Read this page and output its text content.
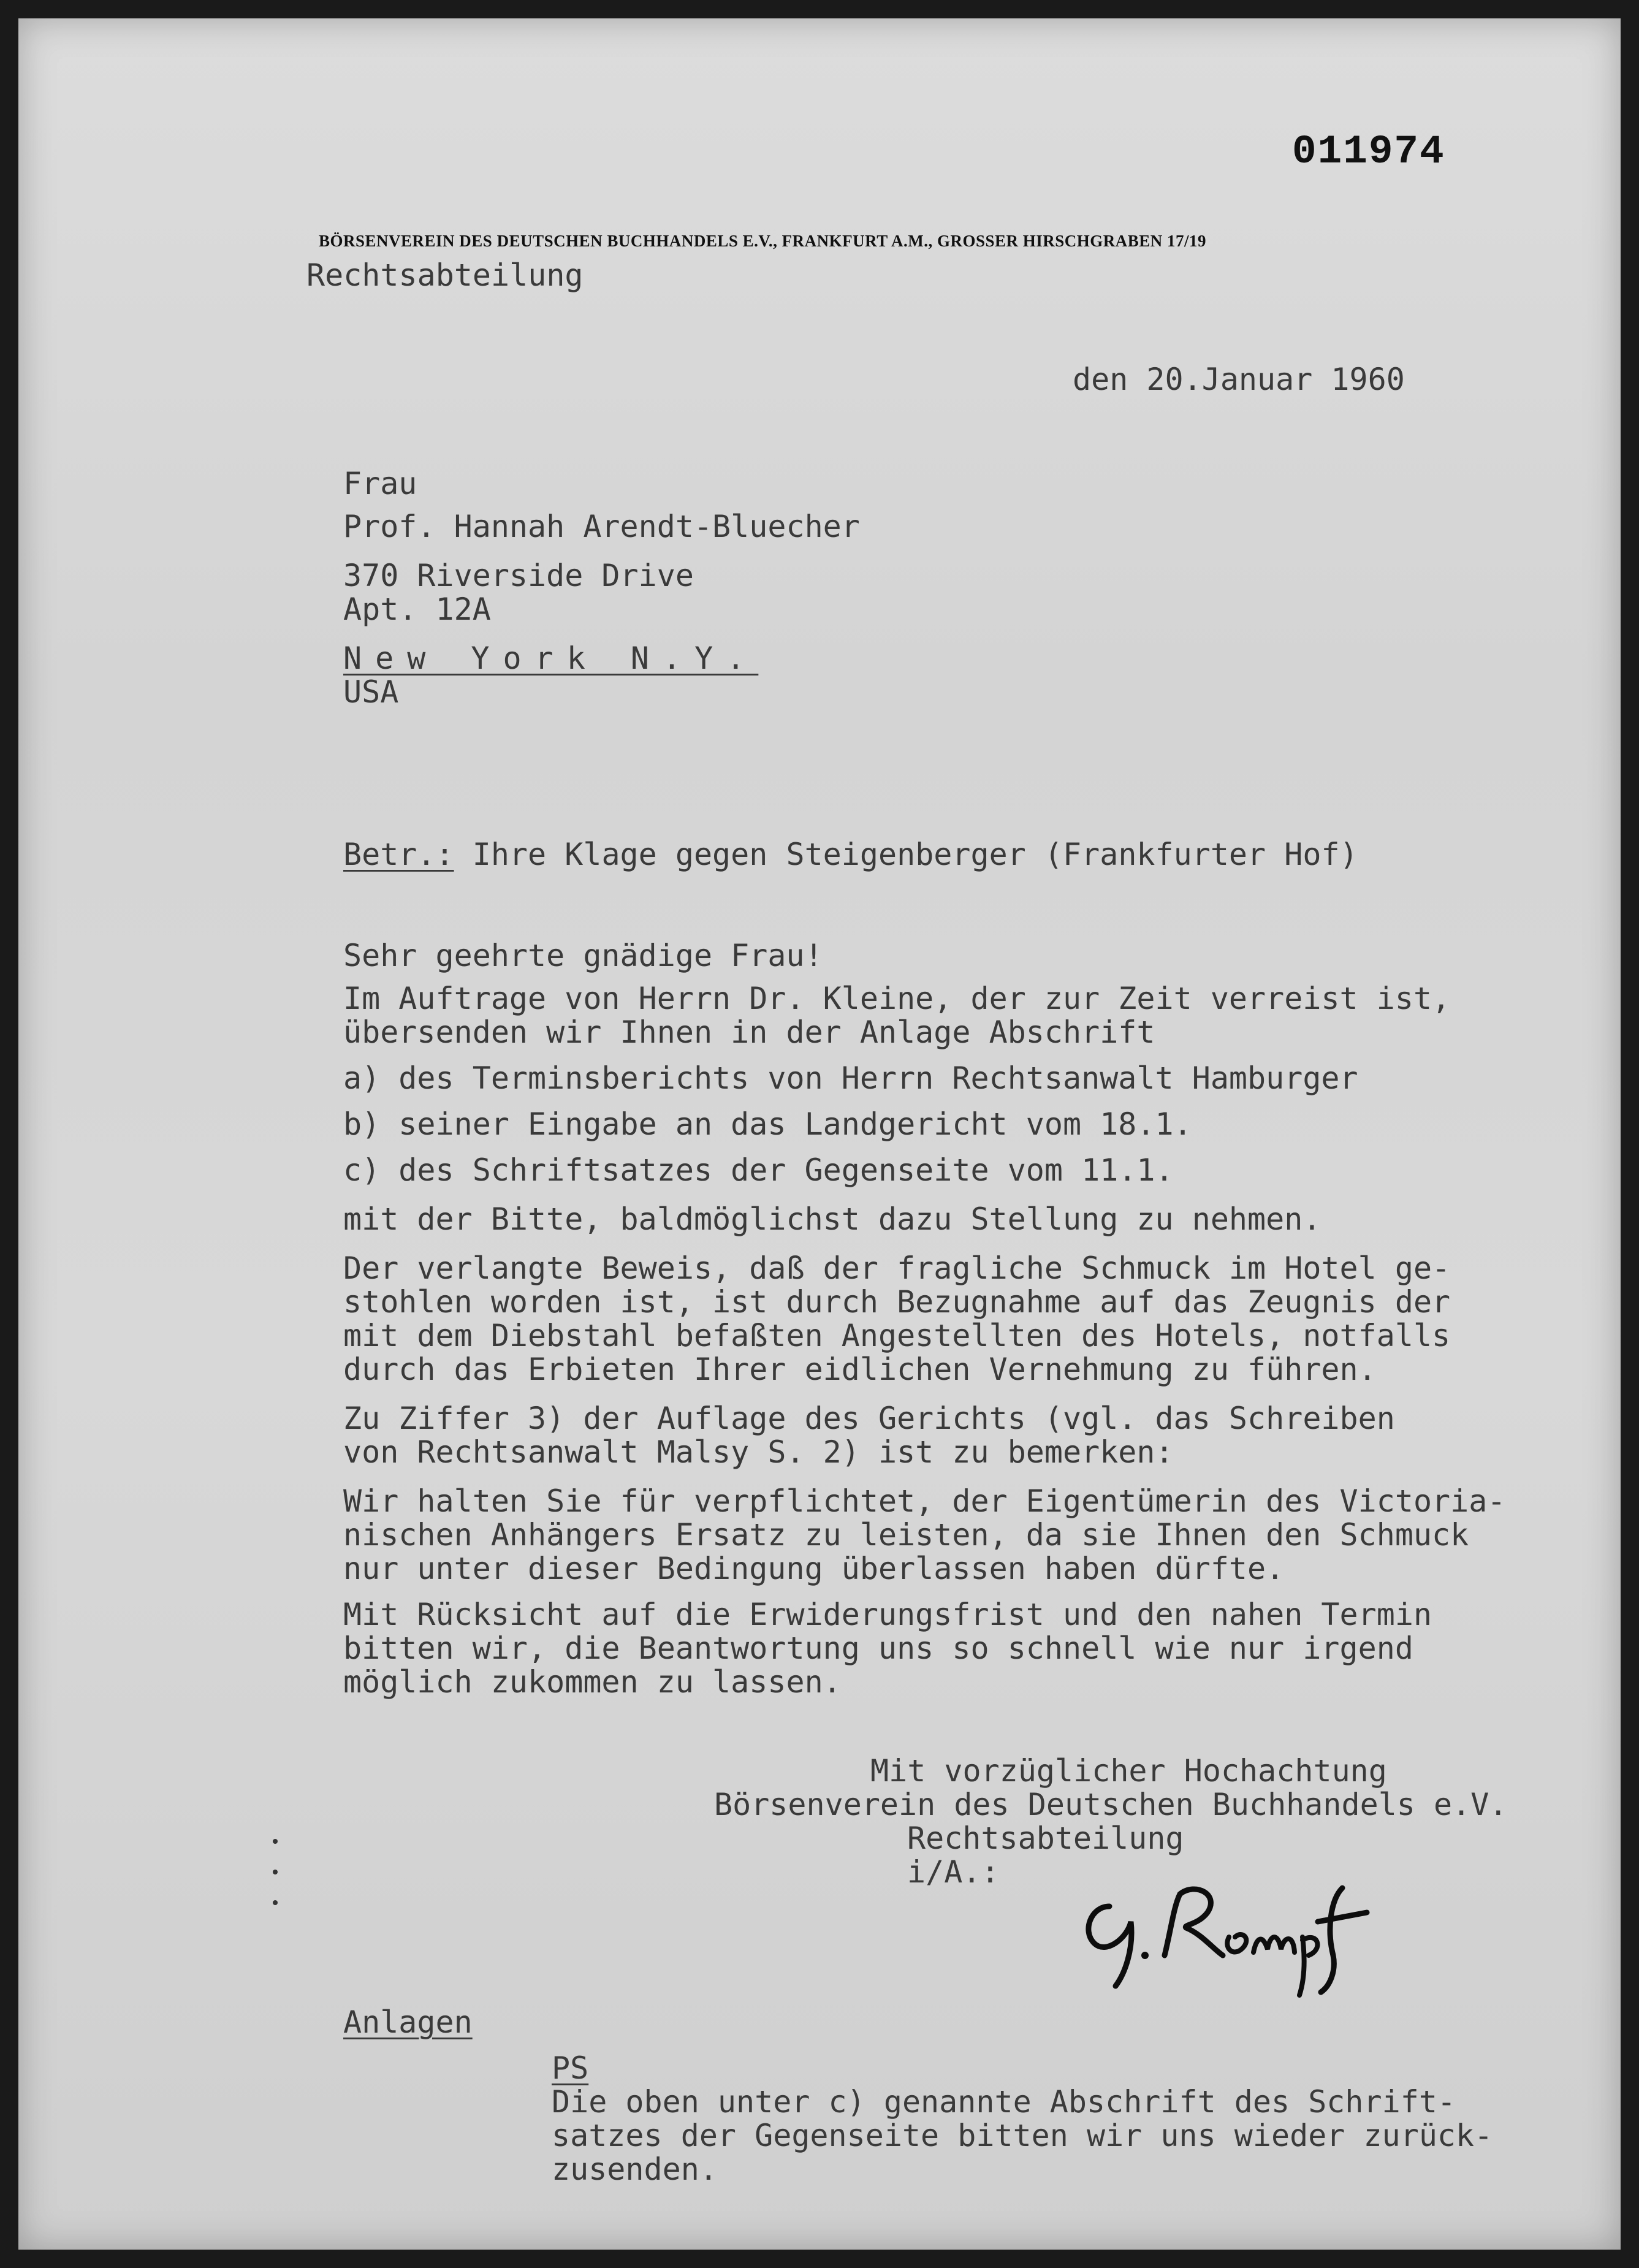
011974
BÖRSENVEREIN DES DEUTSCHEN BUCHHANDELS E.V., FRANKFURT A.M., GROSSER HIRSCHGRABEN 17/19
Rechtsabteilung
den 20.Januar 1960
Frau
Prof. Hannah Arendt-Bluecher
370 Riverside Drive
Apt. 12A
New York N.Y.
USA
Betr.: Ihre Klage gegen Steigenberger (Frankfurter Hof)
Sehr geehrte gnädige Frau!
Im Auftrage von Herrn Dr. Kleine, der zur Zeit verreist ist,
übersenden wir Ihnen in der Anlage Abschrift
a) des Terminsberichts von Herrn Rechtsanwalt Hamburger
b) seiner Eingabe an das Landgericht vom 18.1.
c) des Schriftsatzes der Gegenseite vom 11.1.
mit der Bitte, baldmöglichst dazu Stellung zu nehmen.
Der verlangte Beweis, daß der fragliche Schmuck im Hotel ge-
stohlen worden ist, ist durch Bezugnahme auf das Zeugnis der
mit dem Diebstahl befaßten Angestellten des Hotels, notfalls
durch das Erbieten Ihrer eidlichen Vernehmung zu führen.
Zu Ziffer 3) der Auflage des Gerichts (vgl. das Schreiben
von Rechtsanwalt Malsy S. 2) ist zu bemerken:
Wir halten Sie für verpflichtet, der Eigentümerin des Victoria-
nischen Anhängers Ersatz zu leisten, da sie Ihnen den Schmuck
nur unter dieser Bedingung überlassen haben dürfte.
Mit Rücksicht auf die Erwiderungsfrist und den nahen Termin
bitten wir, die Beantwortung uns so schnell wie nur irgend
möglich zukommen zu lassen.
Mit vorzüglicher Hochachtung
Börsenverein des Deutschen Buchhandels e.V.
Rechtsabteilung
i/A.:
Anlagen
PS
Die oben unter c) genannte Abschrift des Schrift-
satzes der Gegenseite bitten wir uns wieder zurück-
zusenden.
